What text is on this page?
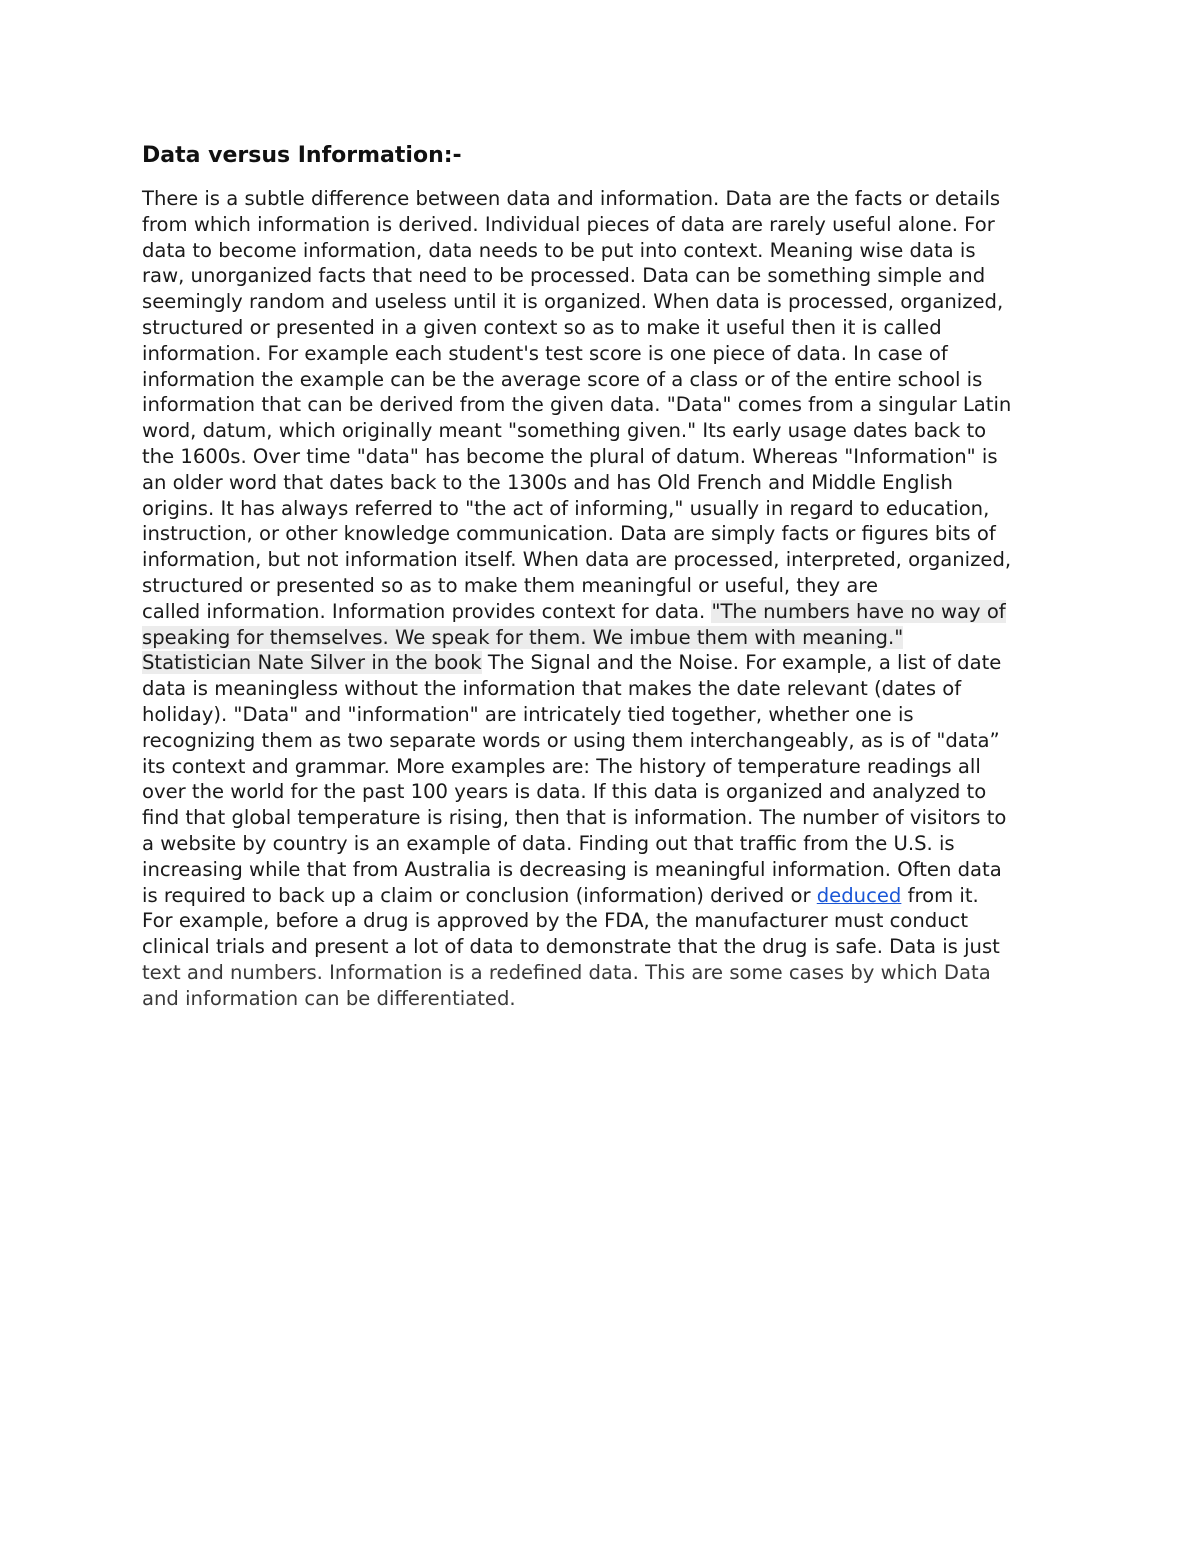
Data versus Information:-
There is a subtle difference between data and information. Data are the facts or details
from which information is derived. Individual pieces of data are rarely useful alone. For
data to become information, data needs to be put into context. Meaning wise data is
raw, unorganized facts that need to be processed. Data can be something simple and
seemingly random and useless until it is organized. When data is processed, organized,
structured or presented in a given context so as to make it useful then it is called
information. For example each student's test score is one piece of data. In case of
information the example can be the average score of a class or of the entire school is
information that can be derived from the given data. "Data" comes from a singular Latin
word, datum, which originally meant "something given." Its early usage dates back to
the 1600s. Over time "data" has become the plural of datum. Whereas "Information" is
an older word that dates back to the 1300s and has Old French and Middle English
origins. It has always referred to "the act of informing," usually in regard to education,
instruction, or other knowledge communication. Data are simply facts or figures bits of
information, but not information itself. When data are processed, interpreted, organized,
structured or presented so as to make them meaningful or useful, they are
called information. Information provides context for data. "The numbers have no way of
speaking for themselves. We speak for them. We imbue them with meaning."
Statistician Nate Silver in the book The Signal and the Noise. For example, a list of date
data is meaningless without the information that makes the date relevant (dates of
holiday). "Data" and "information" are intricately tied together, whether one is
recognizing them as two separate words or using them interchangeably, as is of "data”
its context and grammar. More examples are: The history of temperature readings all
over the world for the past 100 years is data. If this data is organized and analyzed to
find that global temperature is rising, then that is information. The number of visitors to
a website by country is an example of data. Finding out that traffic from the U.S. is
increasing while that from Australia is decreasing is meaningful information. Often data
is required to back up a claim or conclusion (information) derived or deduced from it.
For example, before a drug is approved by the FDA, the manufacturer must conduct
clinical trials and present a lot of data to demonstrate that the drug is safe. Data is just
text and numbers. Information is a redefined data. This are some cases by which Data
and information can be differentiated.
